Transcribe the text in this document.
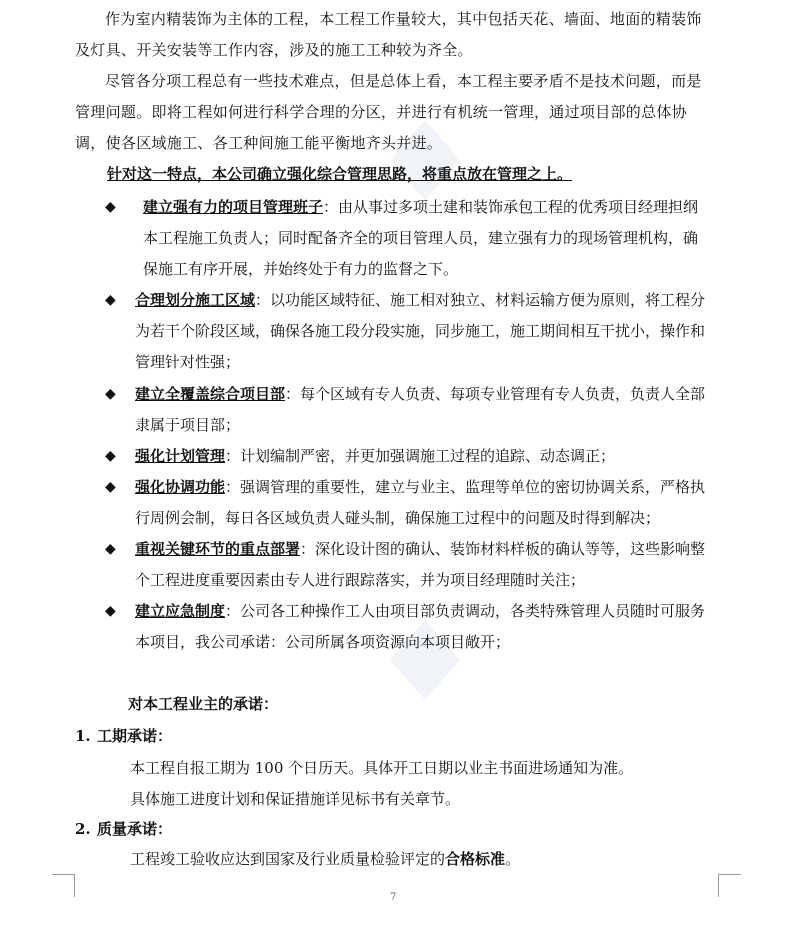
作为室内精装饰为主体的工程，本工程工作量较大，其中包括天花、墙面、地面的精装饰及灯具、开关安装等工作内容，涉及的施工工种较为齐全。

尽管各分项工程总有一些技术难点，但是总体上看，本工程主要矛盾不是技术问题，而是管理问题。即将工程如何进行科学合理的分区，并进行有机统一管理，通过项目部的总体协调，使各区域施工、各工种间施工能平衡地齐头并进。

针对这一特点，本公司确立强化综合管理思路，将重点放在管理之上。

◆	建立强有力的项目管理班子：由从事过多项土建和装饰承包工程的优秀项目经理担纲本工程施工负责人；同时配备齐全的项目管理人员，建立强有力的现场管理机构，确保施工有序开展，并始终处于有力的监督之下。
◆	合理划分施工区域：以功能区域特征、施工相对独立、材料运输方便为原则，将工程分为若干个阶段区域，确保各施工段分段实施，同步施工，施工期间相互干扰小，操作和管理针对性强；
◆	建立全覆盖综合项目部：每个区域有专人负责、每项专业管理有专人负责，负责人全部隶属于项目部；
◆	强化计划管理：计划编制严密，并更加强调施工过程的追踪、动态调正；
◆	强化协调功能：强调管理的重要性，建立与业主、监理等单位的密切协调关系，严格执行周例会制，每日各区域负责人碰头制，确保施工过程中的问题及时得到解决；
◆	重视关键环节的重点部署：深化设计图的确认、装饰材料样板的确认等等，这些影响整个工程进度重要因素由专人进行跟踪落实，并为项目经理随时关注；
◆	建立应急制度：公司各工种操作工人由项目部负责调动，各类特殊管理人员随时可服务本项目，我公司承诺：公司所属各项资源向本项目敞开；
对本工程业主的承诺：
1. 工期承诺：
本工程自报工期为 100 个日历天。具体开工日期以业主书面进场通知为准。
具体施工进度计划和保证措施详见标书有关章节。
2. 质量承诺：
工程竣工验收应达到国家及行业质量检验评定的合格标准。
7
